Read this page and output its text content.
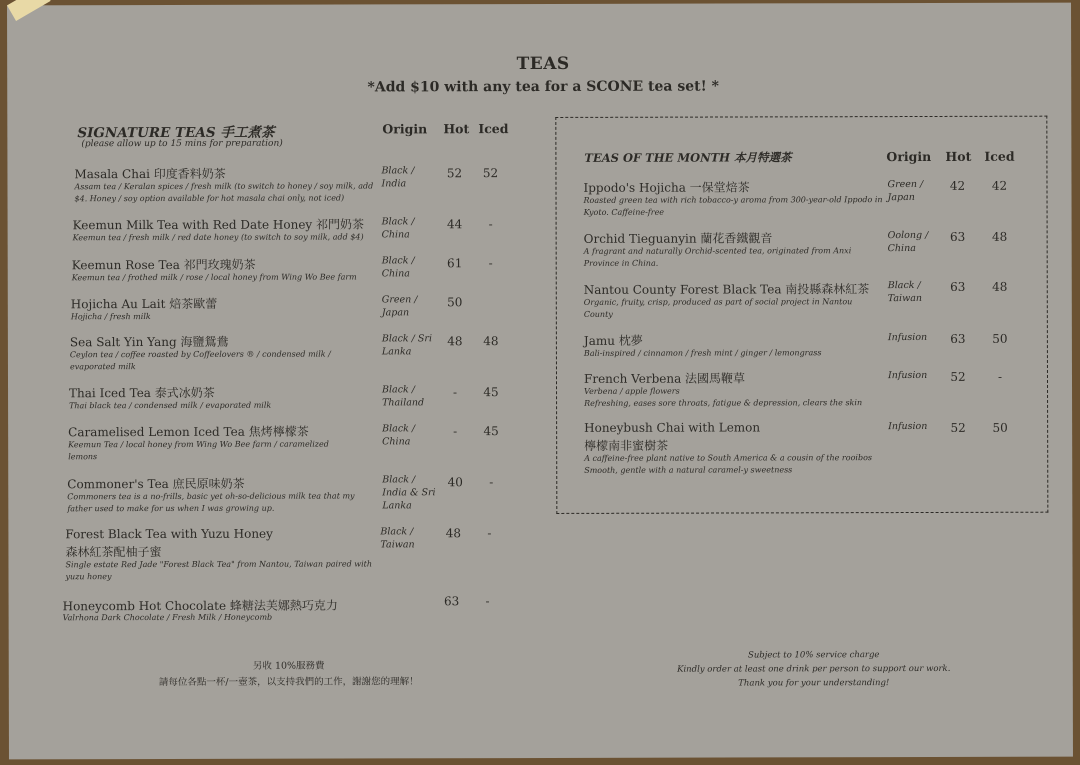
TEAS
*Add $10 with any tea for a SCONE tea set! *
SIGNATURE TEAS 手工煮茶
(please allow up to 15 mins for preparation)
Origin Hot Iced
Masala Chai 印度香料奶茶
Assam tea / Keralan spices / fresh milk (to switch to honey / soy milk, add $4. Honey / soy option available for hot masala chai only, not iced)
Black / India
52	52
Keemun Milk Tea with Red Date Honey 祁門奶茶
Keemun tea / fresh milk / red date honey (to switch to soy milk, add $4)
Black / China
44	-
Keemun Rose Tea 祁門玫瑰奶茶
Keemun tea / frothed milk / rose / local honey from Wing Wo Bee farm
Black / China
61	-
Hojicha Au Lait 焙茶歐蕾
Hojicha / fresh milk
Green / Japan
50
Sea Salt Yin Yang 海鹽鴛鴦
Ceylon tea / coffee roasted by Coffeelovers ® / condensed milk / evaporated milk
Black / Sri Lanka
48	48
Thai Iced Tea 泰式冰奶茶
Thai black tea / condensed milk / evaporated milk
Black / Thailand
-	45
Caramelised Lemon Iced Tea 焦烤檸檬茶
Keemun Tea / local honey from Wing Wo Bee farm / caramelized lemons
Black / China
-	45
Commoner's Tea 庶民原味奶茶
Commoners tea is a no-frills, basic yet oh-so-delicious milk tea that my father used to make for us when I was growing up.
Black / India & Sri Lanka
40	-
Forest Black Tea with Yuzu Honey
森林紅茶配柚子蜜
Single estate Red Jade "Forest Black Tea" from Nantou, Taiwan paired with yuzu honey
Black / Taiwan
48	-
Honeycomb Hot Chocolate 蜂糖法芙娜熱巧克力
Valrhona Dark Chocolate / Fresh Milk / Honeycomb
63	-
TEAS OF THE MONTH 本月特選茶	Origin Hot Iced
Ippodo's Hojicha 一保堂焙茶
Roasted green tea with rich tobacco-y aroma from 300-year-old Ippodo in Kyoto. Caffeine-free
Green / Japan
42	42
Orchid Tieguanyin 蘭花香鐵觀音
A fragrant and naturally Orchid-scented tea, originated from Anxi Province in China.
Oolong / China
63	48
Nantou County Forest Black Tea 南投縣森林紅茶
Organic, fruity, crisp, produced as part of social project in Nantou County
Black / Taiwan
63	48
Jamu 枕夢
Bali-inspired / cinnamon / fresh mint / ginger / lemongrass
Infusion	63	50
French Verbena 法國馬鞭草
Verbena / apple flowers
Refreshing, eases sore throats, fatigue & depression, clears the skin
Infusion	52	-
Honeybush Chai with Lemon
檸檬南非蜜樹茶
A caffeine-free plant native to South America & a cousin of the rooibos
Smooth, gentle with a natural caramel-y sweetness
Infusion	52	50
另收 10%服務費
請每位各點一杯/一壺茶，以支持我們的工作，謝謝您的理解！
Subject to 10% service charge
Kindly order at least one drink per person to support our work.
Thank you for your understanding!
